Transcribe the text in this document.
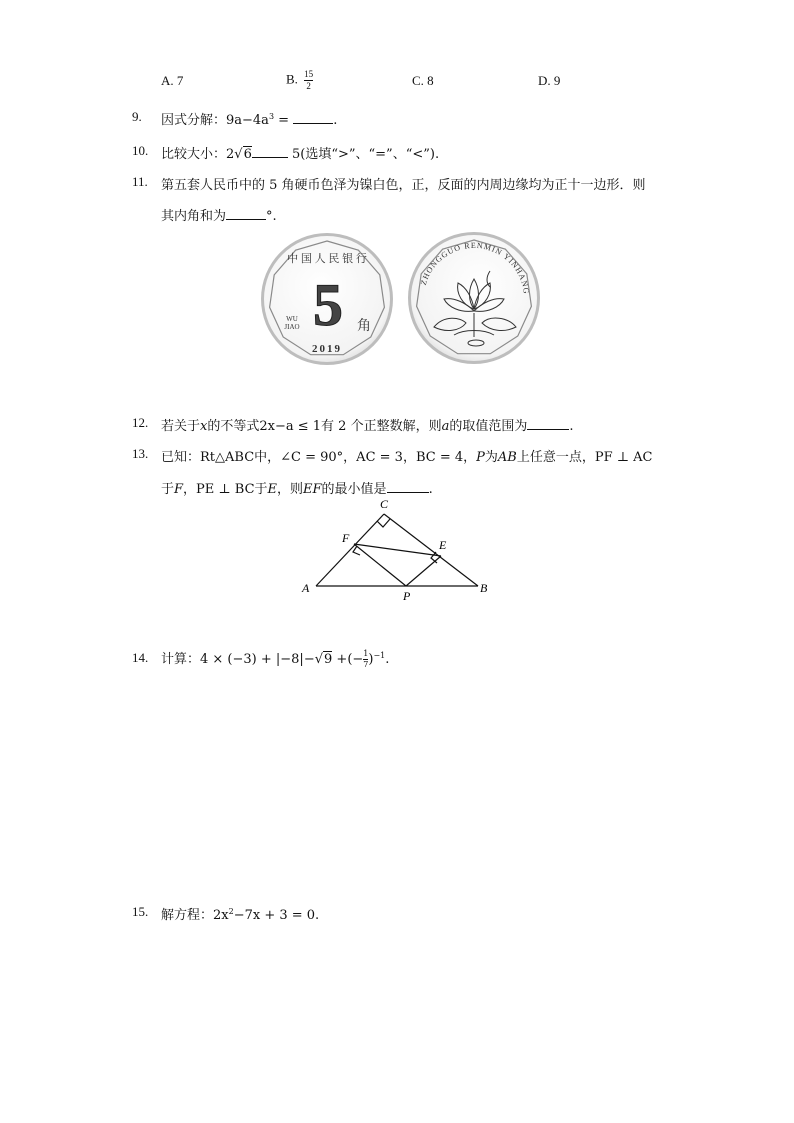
A. 7	B. $\frac{15}{2}$	C. 8	D. 9
9. 因式分解：$9a-4a^3$ =	.
10. 比较大小：2√6	5(选填“>”、“=”、“<”).
11. 第五套人民币中的 5 角硬币色泽为镍白色，正，反面的内周边缘均为正十一边形．则
其内角和为	°.
中 国 人 民 银 行
5 角
WU
JIAO
2019
ZHONGGUO RENMIN YINHANG
12. 若关于x的不等式2x−a ≤ 1有 2 个正整数解，则a的取值范围为	.
13. 已知：Rt△ABC中，∠C = 90°，AC = 3，BC = 4，P为AB上任意一点，PF ⊥ AC
于F，PE ⊥ BC于E，则EF的最小值是	.
A	B
C
E
F
P
14. 计算：4 × (−3) + |−8|−√9 +(− $\frac{1}{7} )^{-1}$.
15. 解方程：$2x^2-7x + 3 = 0$.
